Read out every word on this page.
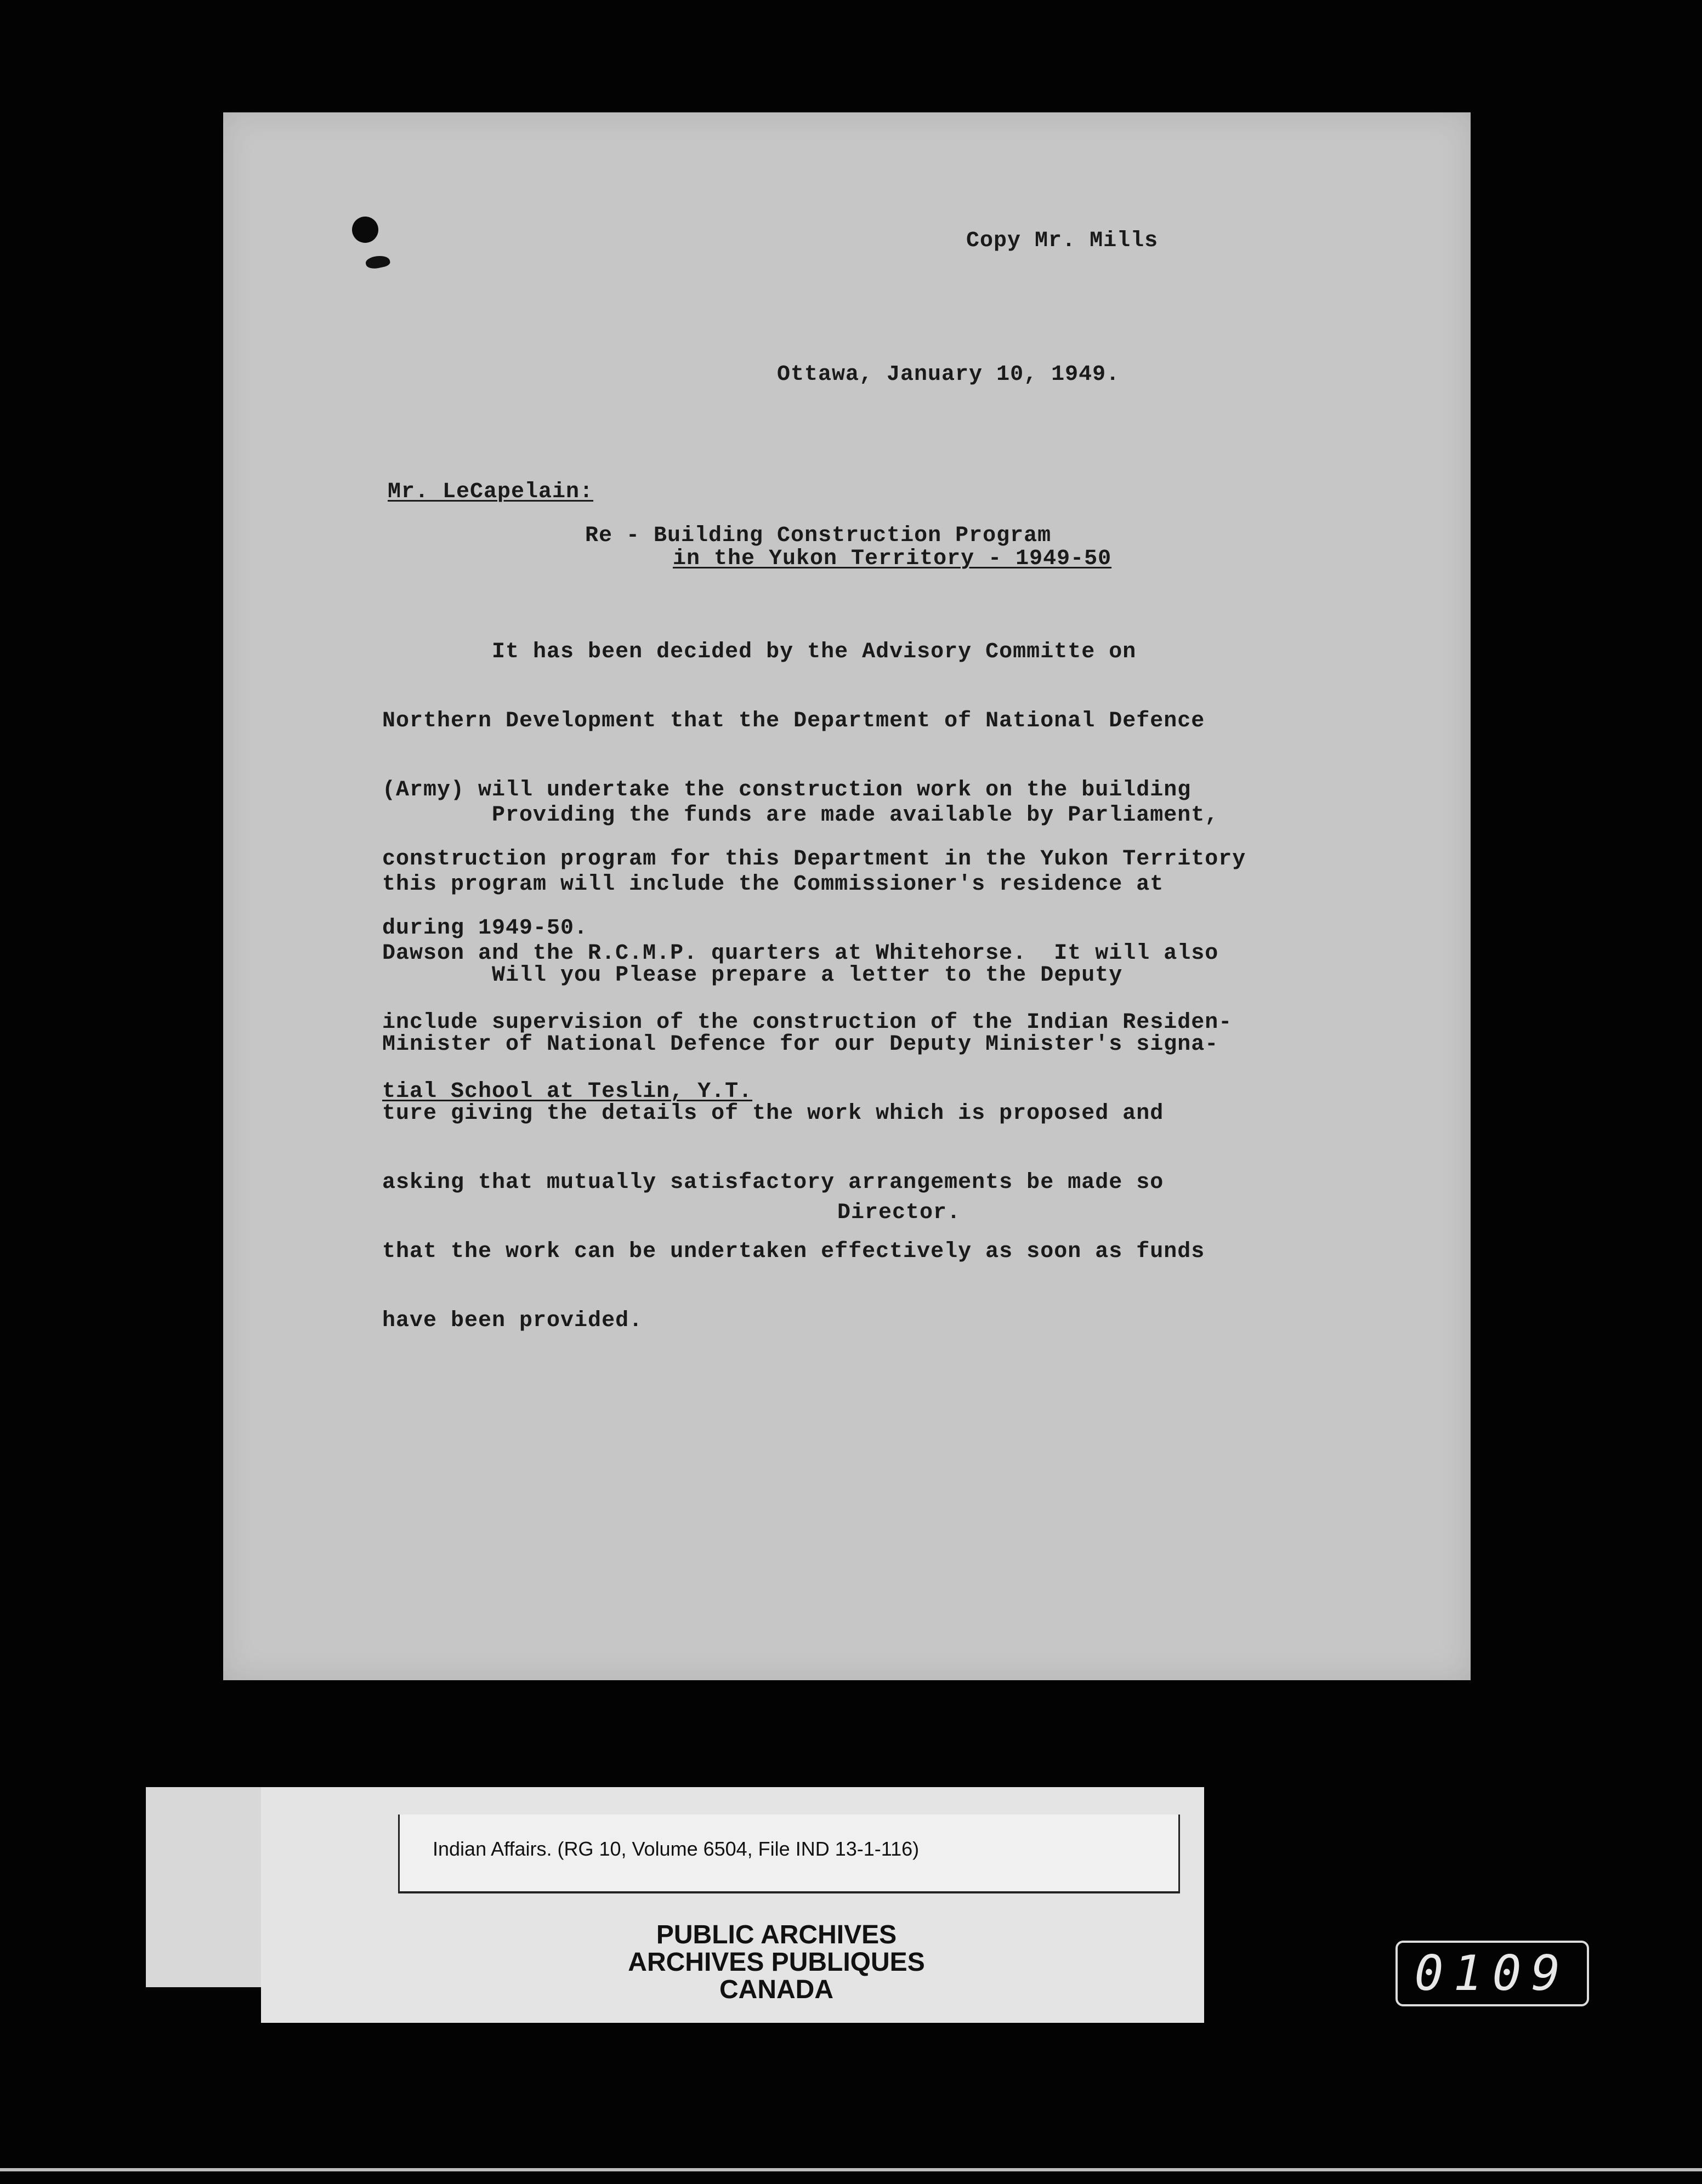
Copy Mr. Mills

Ottawa, January 10, 1949.
Mr. LeCapelain:
Re - Building Construction Program
in the Yukon Territory - 1949-50

It has been decided by the Advisory Committe on

Northern Development that the Department of National Defence

(Army) will undertake the construction work on the building

construction program for this Department in the Yukon Territory

during 1949-50.

Providing the funds are made available by Parliament,

this program will include the Commissioner's residence at

Dawson and the R.C.M.P. quarters at Whitehorse.  It will also

include supervision of the construction of the Indian Residen-

tial School at Teslin, Y.T.

Will you Please prepare a letter to the Deputy

Minister of National Defence for our Deputy Minister's signa-

ture giving the details of the work which is proposed and

asking that mutually satisfactory arrangements be made so

that the work can be undertaken effectively as soon as funds

have been provided.

Director.
Indian Affairs. (RG 10, Volume 6504, File IND 13-1-116)
PUBLIC ARCHIVES
ARCHIVES PUBLIQUES
CANADA	0109
